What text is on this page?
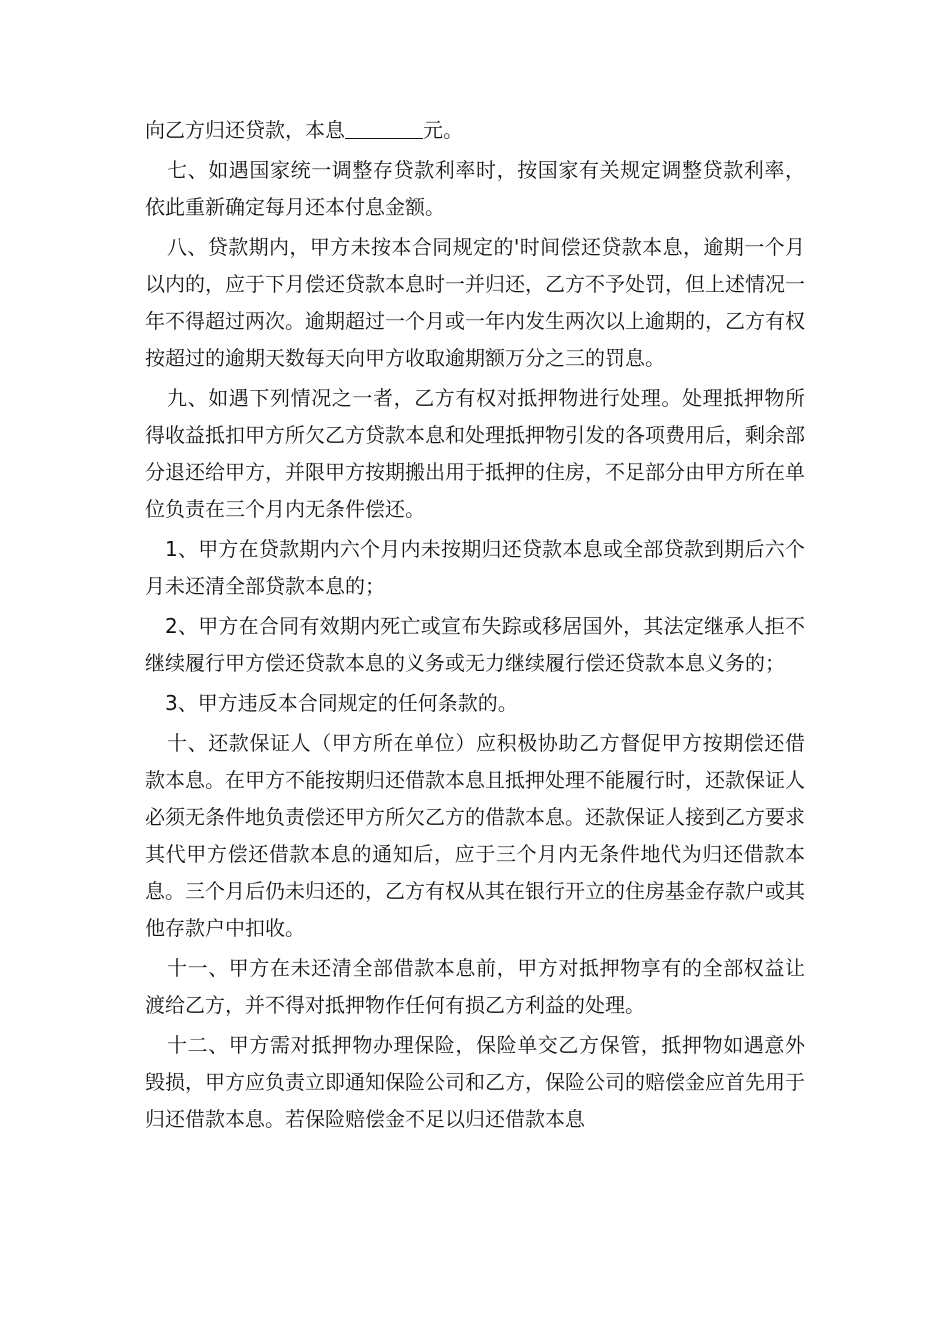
向乙方归还贷款，本息	元。

七、如遇国家统一调整存贷款利率时，按国家有关规定调整贷款利率，依此重新确定每月还本付息金额。

八、贷款期内，甲方未按本合同规定的'时间偿还贷款本息，逾期一个月以内的，应于下月偿还贷款本息时一并归还，乙方不予处罚，但上述情况一年不得超过两次。逾期超过一个月或一年内发生两次以上逾期的，乙方有权按超过的逾期天数每天向甲方收取逾期额万分之三的罚息。

九、如遇下列情况之一者，乙方有权对抵押物进行处理。处理抵押物所得收益抵扣甲方所欠乙方贷款本息和处理抵押物引发的各项费用后，剩余部分退还给甲方，并限甲方按期搬出用于抵押的住房，不足部分由甲方所在单位负责在三个月内无条件偿还。

1、甲方在贷款期内六个月内未按期归还贷款本息或全部贷款到期后六个月未还清全部贷款本息的；

2、甲方在合同有效期内死亡或宣布失踪或移居国外，其法定继承人拒不继续履行甲方偿还贷款本息的义务或无力继续履行偿还贷款本息义务的；

3、甲方违反本合同规定的任何条款的。

十、还款保证人（甲方所在单位）应积极协助乙方督促甲方按期偿还借款本息。在甲方不能按期归还借款本息且抵押处理不能履行时，还款保证人必须无条件地负责偿还甲方所欠乙方的借款本息。还款保证人接到乙方要求其代甲方偿还借款本息的通知后，应于三个月内无条件地代为归还借款本息。三个月后仍未归还的，乙方有权从其在银行开立的住房基金存款户或其他存款户中扣收。

十一、甲方在未还清全部借款本息前，甲方对抵押物享有的全部权益让渡给乙方，并不得对抵押物作任何有损乙方利益的处理。

十二、甲方需对抵押物办理保险，保险单交乙方保管，抵押物如遇意外毁损，甲方应负责立即通知保险公司和乙方，保险公司的赔偿金应首先用于归还借款本息。若保险赔偿金不足以归还借款本息
